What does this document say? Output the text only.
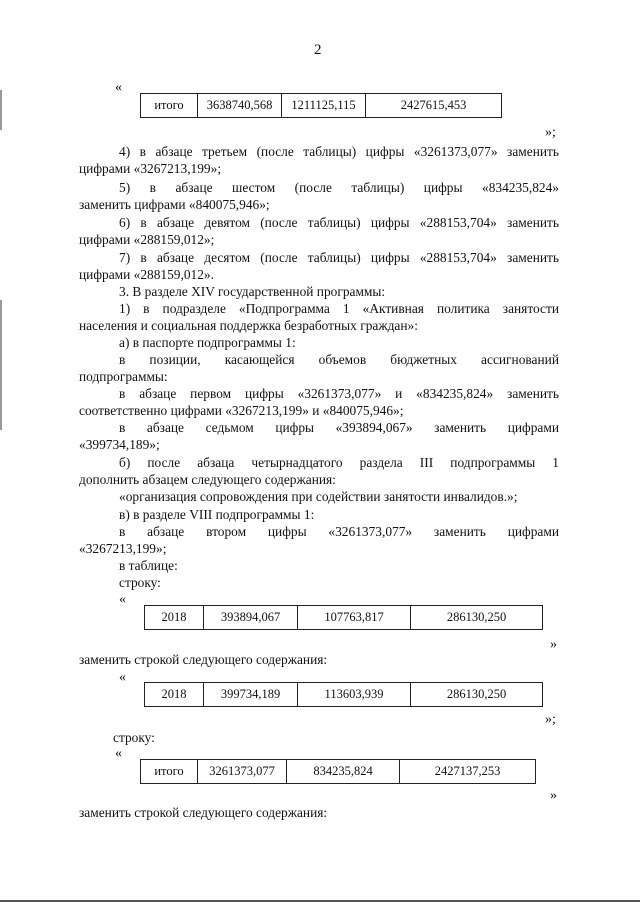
2
«
итого	3638740,568	1211125,115	2427615,453
»;
4) в абзаце третьем (после таблицы) цифры «3261373,077» заменить
цифрами «3267213,199»;
5) в абзаце шестом (после таблицы) цифры «834235,824»
заменить цифрами «840075,946»;
6) в абзаце девятом (после таблицы) цифры «288153,704» заменить
цифрами «288159,012»;
7) в абзаце десятом (после таблицы) цифры «288153,704» заменить
цифрами «288159,012».
3. В разделе XIV государственной программы:
1) в подразделе «Подпрограмма 1 «Активная политика занятости
населения и социальная поддержка безработных граждан»:
а) в паспорте подпрограммы 1:
в позиции, касающейся объемов бюджетных ассигнований
подпрограммы:
в абзаце первом цифры «3261373,077» и «834235,824» заменить
соответственно цифрами «3267213,199» и «840075,946»;
в абзаце седьмом цифры «393894,067» заменить цифрами
«399734,189»;
б) после абзаца четырнадцатого раздела III подпрограммы 1
дополнить абзацем следующего содержания:
«организация сопровождения при содействии занятости инвалидов.»;
в) в разделе VIII подпрограммы 1:
в абзаце втором цифры «3261373,077» заменить цифрами
«3267213,199»;
в таблице:
строку:
«
2018	393894,067	107763,817	286130,250
»
заменить строкой следующего содержания:
«
2018	399734,189	113603,939	286130,250
»;
строку:
«
итого	3261373,077	834235,824	2427137,253
»
заменить строкой следующего содержания:
